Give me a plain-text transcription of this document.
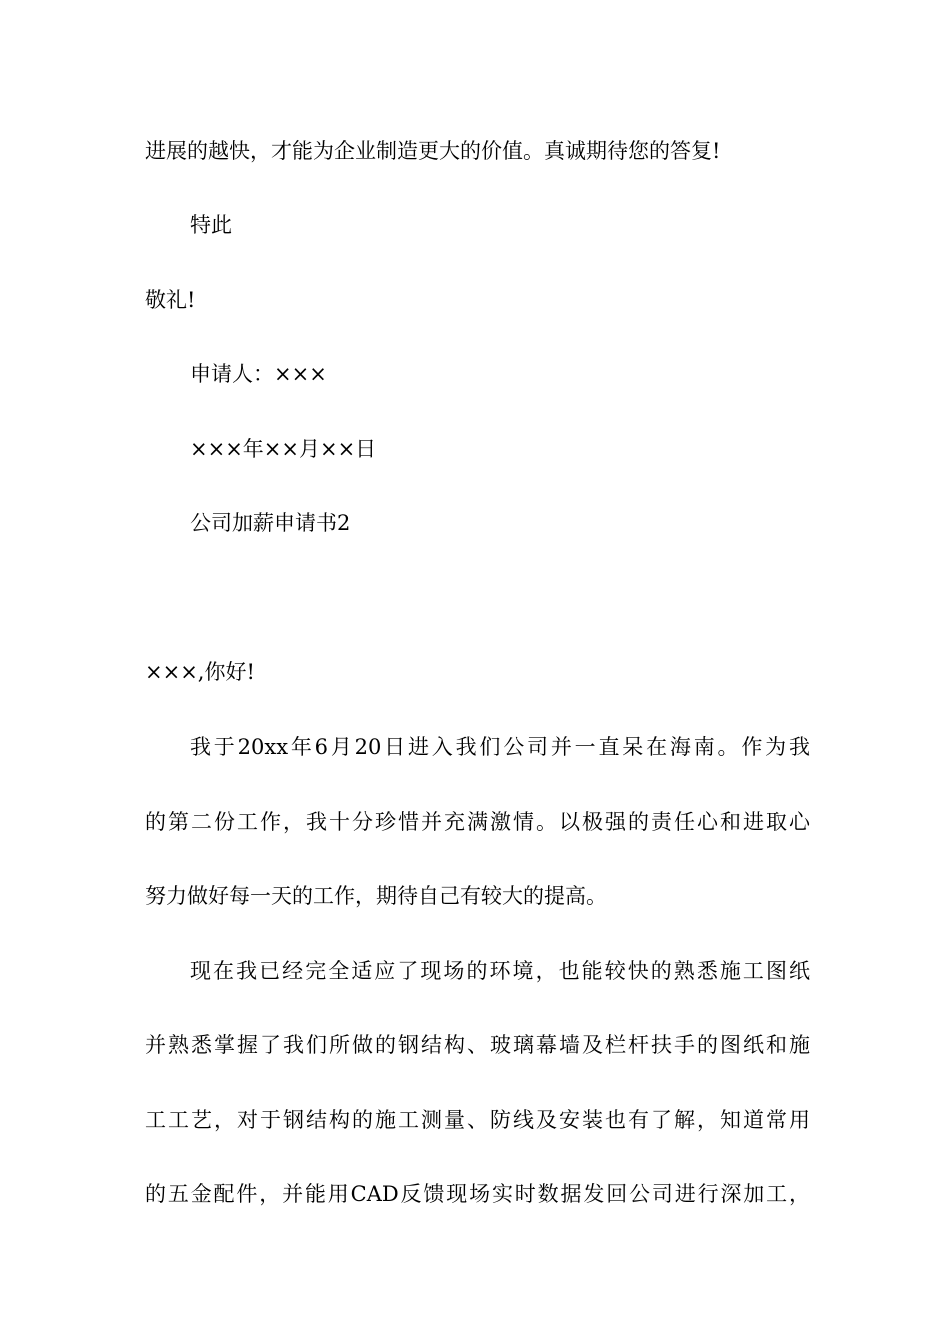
进展的越快，才能为企业制造更大的价值。真诚期待您的答复!
特此
敬礼!
申请人：×××
×××年××月××日
公司加薪申请书2
×××,你好!
我于20xx年6月20日进入我们公司并一直呆在海南。作为我
的第二份工作，我十分珍惜并充满激情。以极强的责任心和进取心
努力做好每一天的工作，期待自己有较大的提高。
现在我已经完全适应了现场的环境，也能较快的熟悉施工图纸
并熟悉掌握了我们所做的钢结构、玻璃幕墙及栏杆扶手的图纸和施
工工艺，对于钢结构的施工测量、防线及安装也有了解，知道常用
的五金配件，并能用CAD反馈现场实时数据发回公司进行深加工，
